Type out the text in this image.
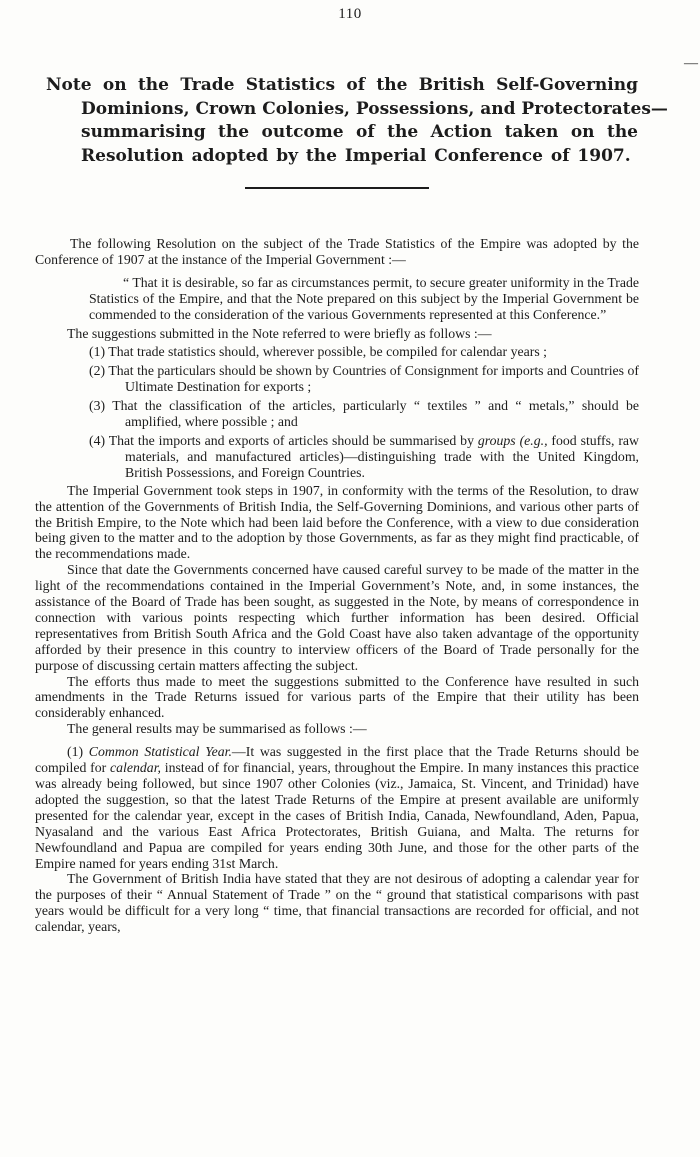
110
—
Note on the Trade Statistics of the British Self-Governing
Dominions, Crown Colonies, Possessions, and Protectorates—
summarising the outcome of the Action taken on the
Resolution adopted by the Imperial Conference of 1907.

The following Resolution on the subject of the Trade Statistics of the Empire was adopted by the Conference of 1907 at the instance of the Imperial Government :—

“ That it is desirable, so far as circumstances permit, to secure greater uniformity in the Trade Statistics of the Empire, and that the Note prepared on this subject by the Imperial Government be commended to the consideration of the various Governments represented at this Conference.”

The suggestions submitted in the Note referred to were briefly as follows :—

(1) That trade statistics should, wherever possible, be compiled for calendar years ;

(2) That the particulars should be shown by Countries of Consignment for imports and Countries of Ultimate Destination for exports ;

(3) That the classification of the articles, particularly “ textiles ” and “ metals,” should be amplified, where possible ; and

(4) That the imports and exports of articles should be summarised by groups (e.g., food stuffs, raw materials, and manufactured articles)—distinguishing trade with the United Kingdom, British Possessions, and Foreign Countries.

The Imperial Government took steps in 1907, in conformity with the terms of the Resolution, to draw the attention of the Governments of British India, the Self-Governing Dominions, and various other parts of the British Empire, to the Note which had been laid before the Conference, with a view to due consideration being given to the matter and to the adoption by those Governments, as far as they might find practicable, of the recommendations made.

Since that date the Governments concerned have caused careful survey to be made of the matter in the light of the recommendations contained in the Imperial Government’s Note, and, in some instances, the assistance of the Board of Trade has been sought, as suggested in the Note, by means of correspondence in connection with various points respecting which further information has been desired. Official representatives from British South Africa and the Gold Coast have also taken advantage of the opportunity afforded by their presence in this country to interview officers of the Board of Trade personally for the purpose of discussing certain matters affecting the subject.

The efforts thus made to meet the suggestions submitted to the Conference have resulted in such amendments in the Trade Returns issued for various parts of the Empire that their utility has been considerably enhanced.

The general results may be summarised as follows :—

(1) Common Statistical Year.—It was suggested in the first place that the Trade Returns should be compiled for calendar, instead of for financial, years, throughout the Empire. In many instances this practice was already being followed, but since 1907 other Colonies (viz., Jamaica, St. Vincent, and Trinidad) have adopted the suggestion, so that the latest Trade Returns of the Empire at present available are uniformly presented for the calendar year, except in the cases of British India, Canada, Newfoundland, Aden, Papua, Nyasaland and the various East Africa Protectorates, British Guiana, and Malta. The returns for Newfoundland and Papua are compiled for years ending 30th June, and those for the other parts of the Empire named for years ending 31st March.

The Government of British India have stated that they are not desirous of adopting a calendar year for the purposes of their “ Annual Statement of Trade ” on the “ ground that statistical comparisons with past years would be difficult for a very long “ time, that financial transactions are recorded for official, and not calendar, years,
